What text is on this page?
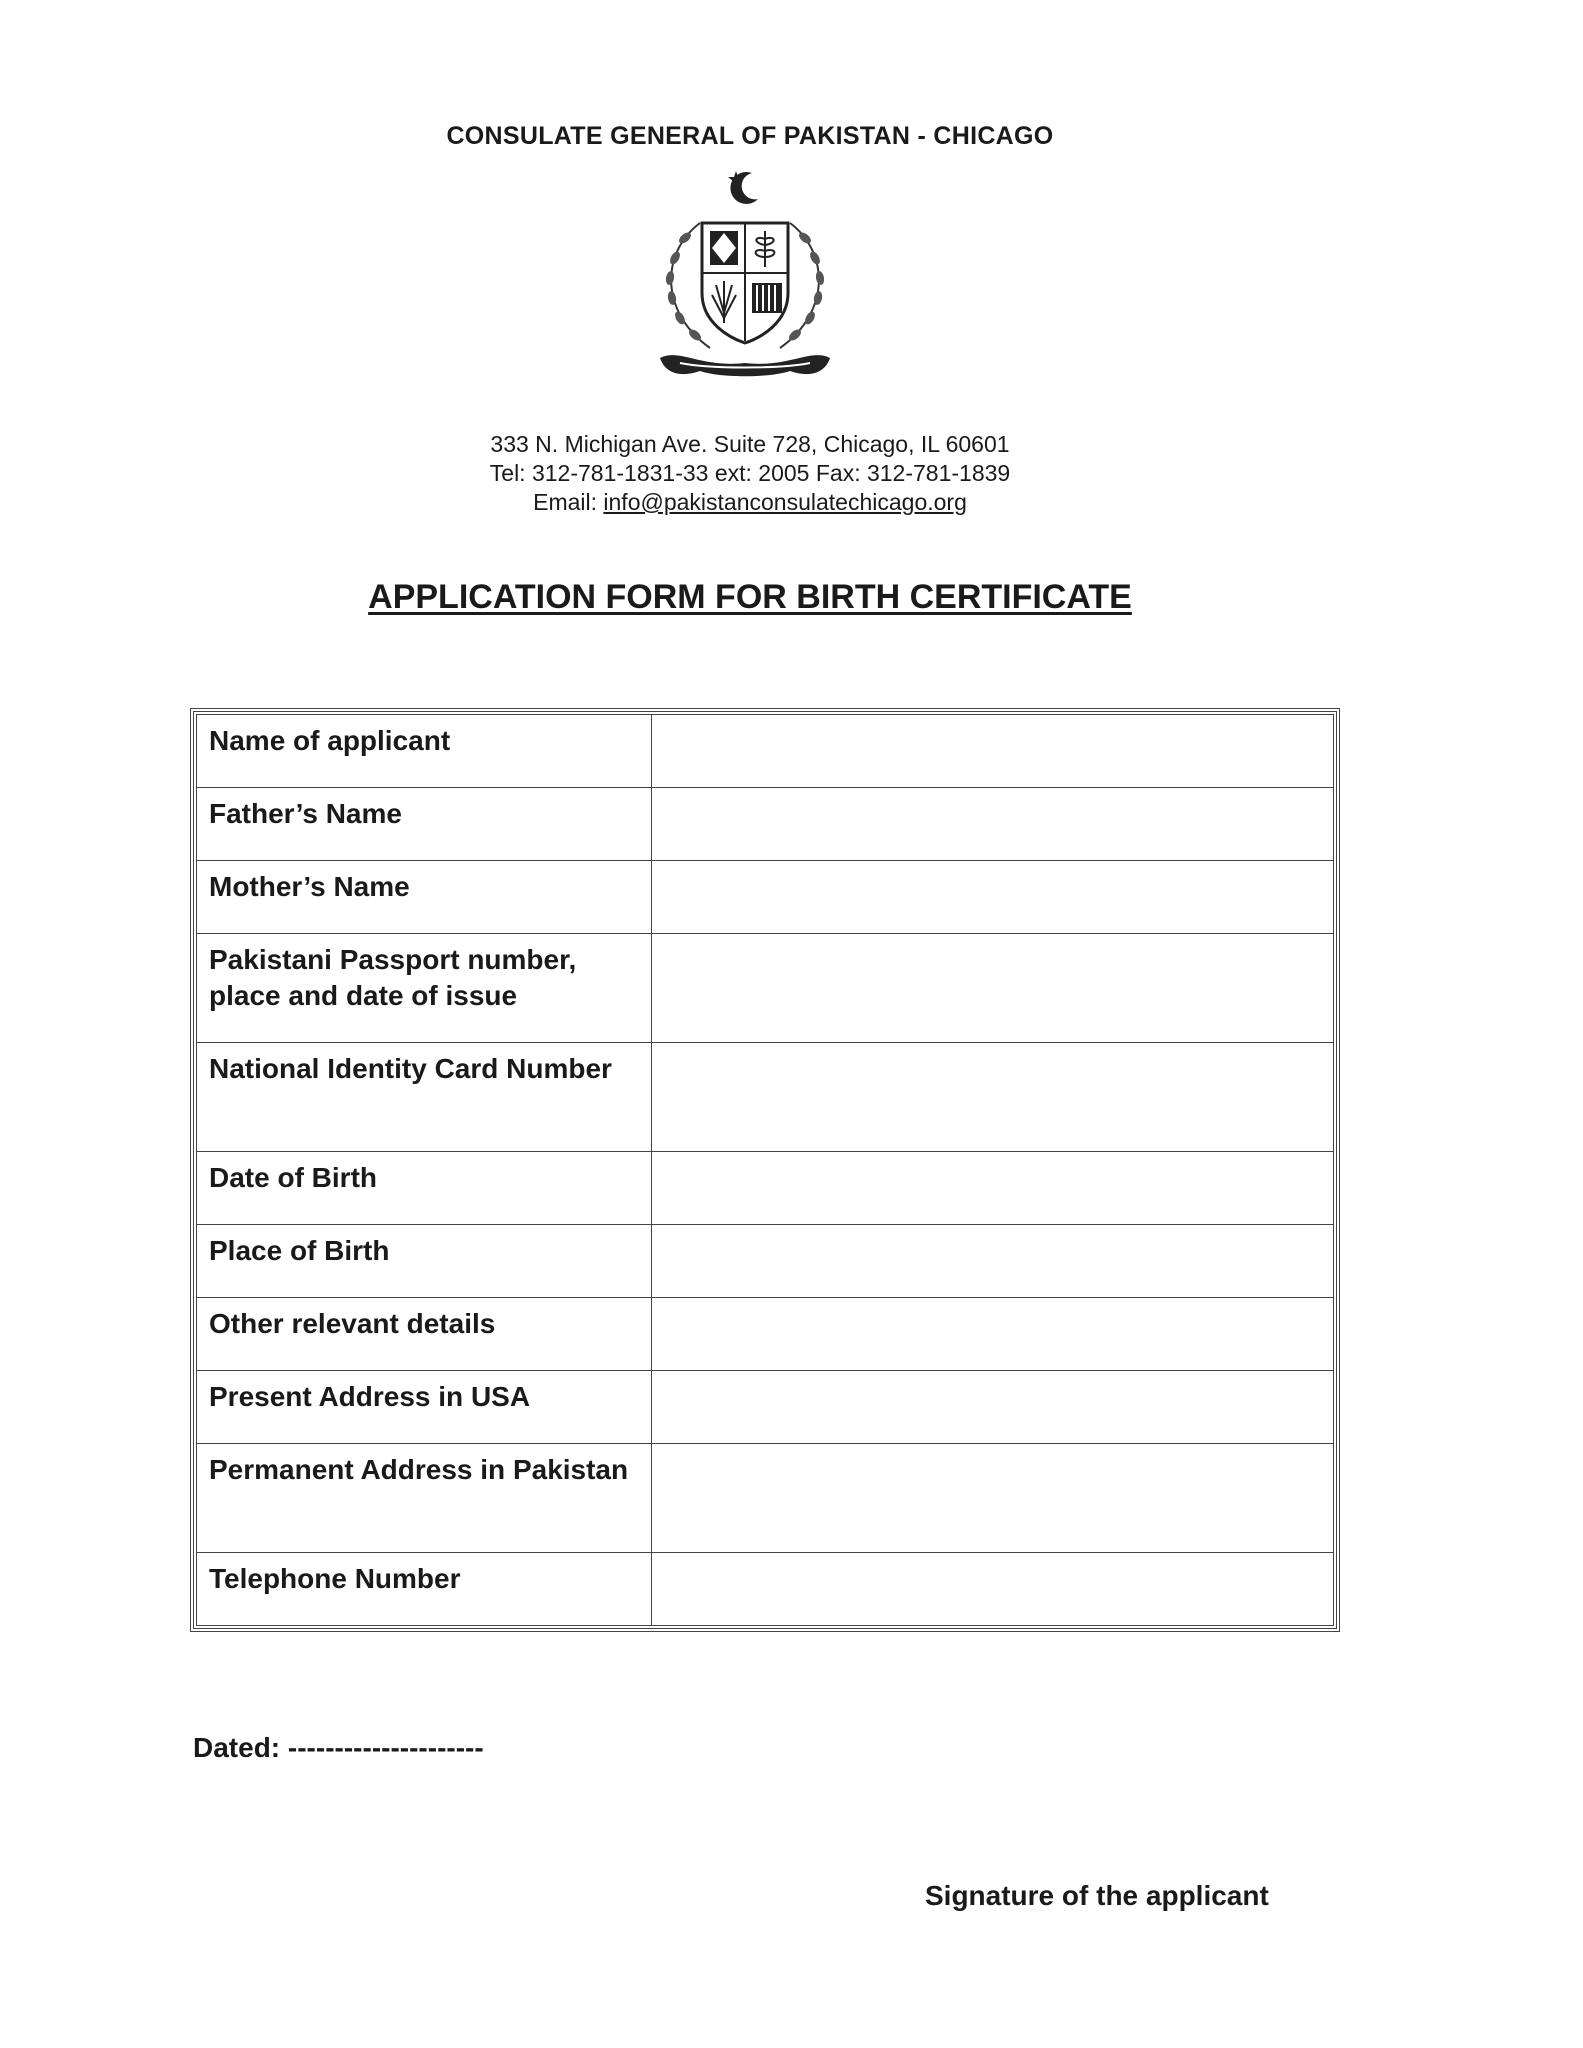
CONSULATE GENERAL OF PAKISTAN - CHICAGO
333 N. Michigan Ave. Suite 728, Chicago, IL 60601
Tel: 312-781-1831-33 ext: 2005 Fax: 312-781-1839
Email: info@pakistanconsulatechicago.org
APPLICATION FORM FOR BIRTH CERTIFICATE
Name of applicant	
Father’s Name	
Mother’s Name	
Pakistani Passport number, place and date of issue	
National Identity Card Number	
Date of Birth	
Place of Birth	
Other relevant details	
Present Address in USA	
Permanent Address in Pakistan	
Telephone Number	
Dated: ---------------------
Signature of the applicant
